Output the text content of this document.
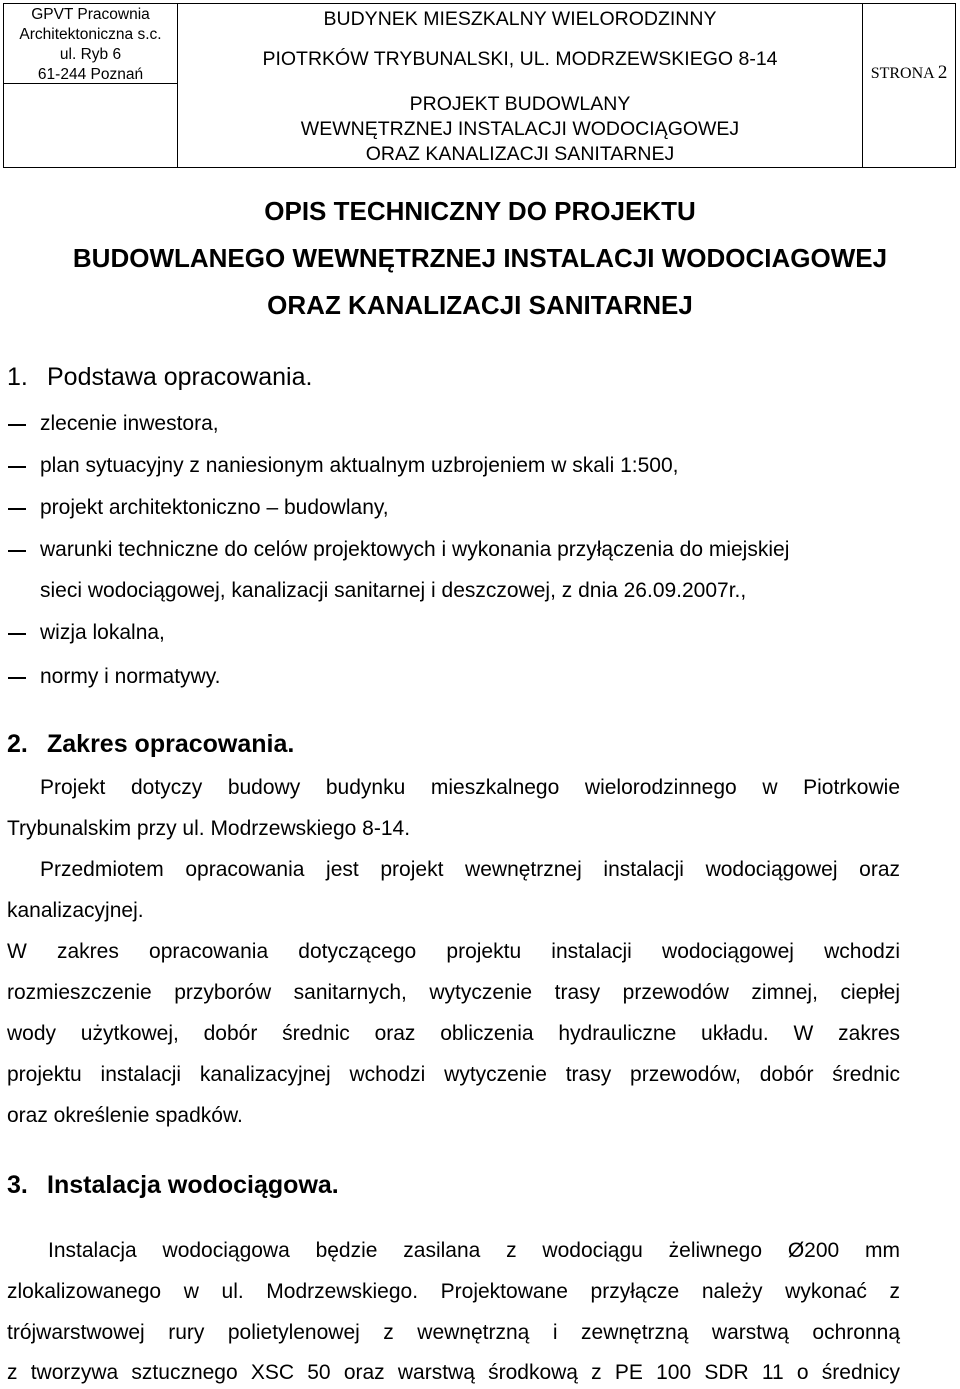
GPVT Pracownia
Architektoniczna s.c.
ul. Ryb 6
61-244 Poznań
BUDYNEK MIESZKALNY WIELORODZINNY
PIOTRKÓW TRYBUNALSKI, UL. MODRZEWSKIEGO 8-14
PROJEKT BUDOWLANY
WEWNĘTRZNEJ INSTALACJI WODOCIĄGOWEJ
ORAZ KANALIZACJI SANITARNEJ
STRONA 2
OPIS TECHNICZNY DO PROJEKTU
BUDOWLANEGO WEWNĘTRZNEJ INSTALACJI WODOCIAGOWEJ
ORAZ KANALIZACJI SANITARNEJ
1. Podstawa opracowania.
zlecenie inwestora,
plan sytuacyjny z naniesionym aktualnym uzbrojeniem w skali 1:500,
projekt architektoniczno – budowlany,
warunki techniczne do celów projektowych i wykonania przyłączenia do miejskiej
sieci wodociągowej, kanalizacji sanitarnej i deszczowej, z dnia 26.09.2007r.,
wizja lokalna,
normy i normatywy.
2. Zakres opracowania.
Projekt dotyczy budowy budynku mieszkalnego wielorodzinnego w Piotrkowie
Trybunalskim przy ul. Modrzewskiego 8-14.
Przedmiotem opracowania jest projekt wewnętrznej instalacji wodociągowej oraz
kanalizacyjnej.
W zakres opracowania dotyczącego projektu instalacji wodociągowej wchodzi
rozmieszczenie przyborów sanitarnych, wytyczenie trasy przewodów zimnej, ciepłej
wody użytkowej, dobór średnic oraz obliczenia hydrauliczne układu. W zakres
projektu instalacji kanalizacyjnej wchodzi wytyczenie trasy przewodów, dobór średnic
oraz określenie spadków.
3. Instalacja wodociągowa.
Instalacja wodociągowa będzie zasilana z wodociągu żeliwnego Ø200 mm
zlokalizowanego w ul. Modrzewskiego. Projektowane przyłącze należy wykonać z
trójwarstwowej rury polietylenowej z wewnętrzną i zewnętrzną warstwą ochronną
z tworzywa sztucznego XSC 50 oraz warstwą środkową z PE 100 SDR 11 o średnicy
